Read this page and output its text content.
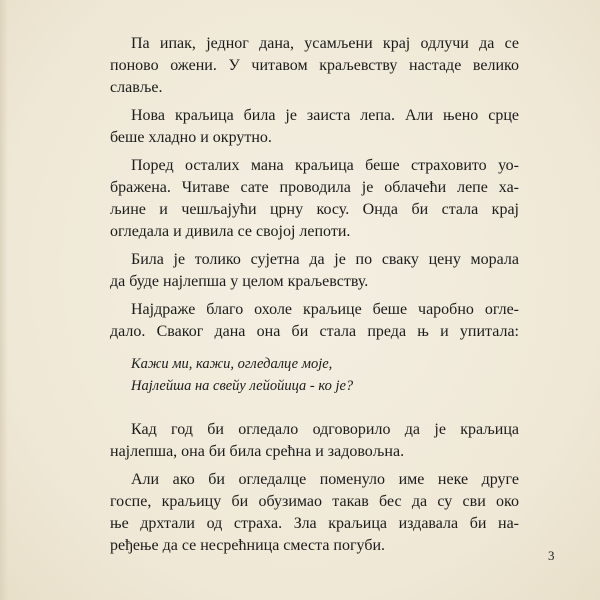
Па ипак, једног дана, усамљени крај одлучи да се
поново ожени. У читавом краљевству настаде велико
славље.
Нова краљица била је заиста лепа. Али њено срце
беше хладно и окрутно.
Поред осталих мана краљица беше страховито уо-
бражена. Читаве сате проводила је облачећи лепе ха-
љине и чешљајући црну косу. Онда би стала крај
огледала и дивила се својој лепоти.
Била је толико сујетна да је по сваку цену морала
да буде најлепша у целом краљевству.
Најдраже благо охоле краљице беше чаробно огле-
дало. Сваког дана она би стала преда њ и упитала:
Кажи ми, кажи, огледалце моје,
Најлейша на свейу лейойица - ко је?
Кад год би огледало одговорило да је краљица
најлепша, она би била срећна и задовољна.
Али ако би огледалце поменуло име неке друге
госпе, краљицу би обузимао такав бес да су сви око
ње дрхтали од страха. Зла краљица издавала би на-
ређење да се несрећница сместа погуби.
3
